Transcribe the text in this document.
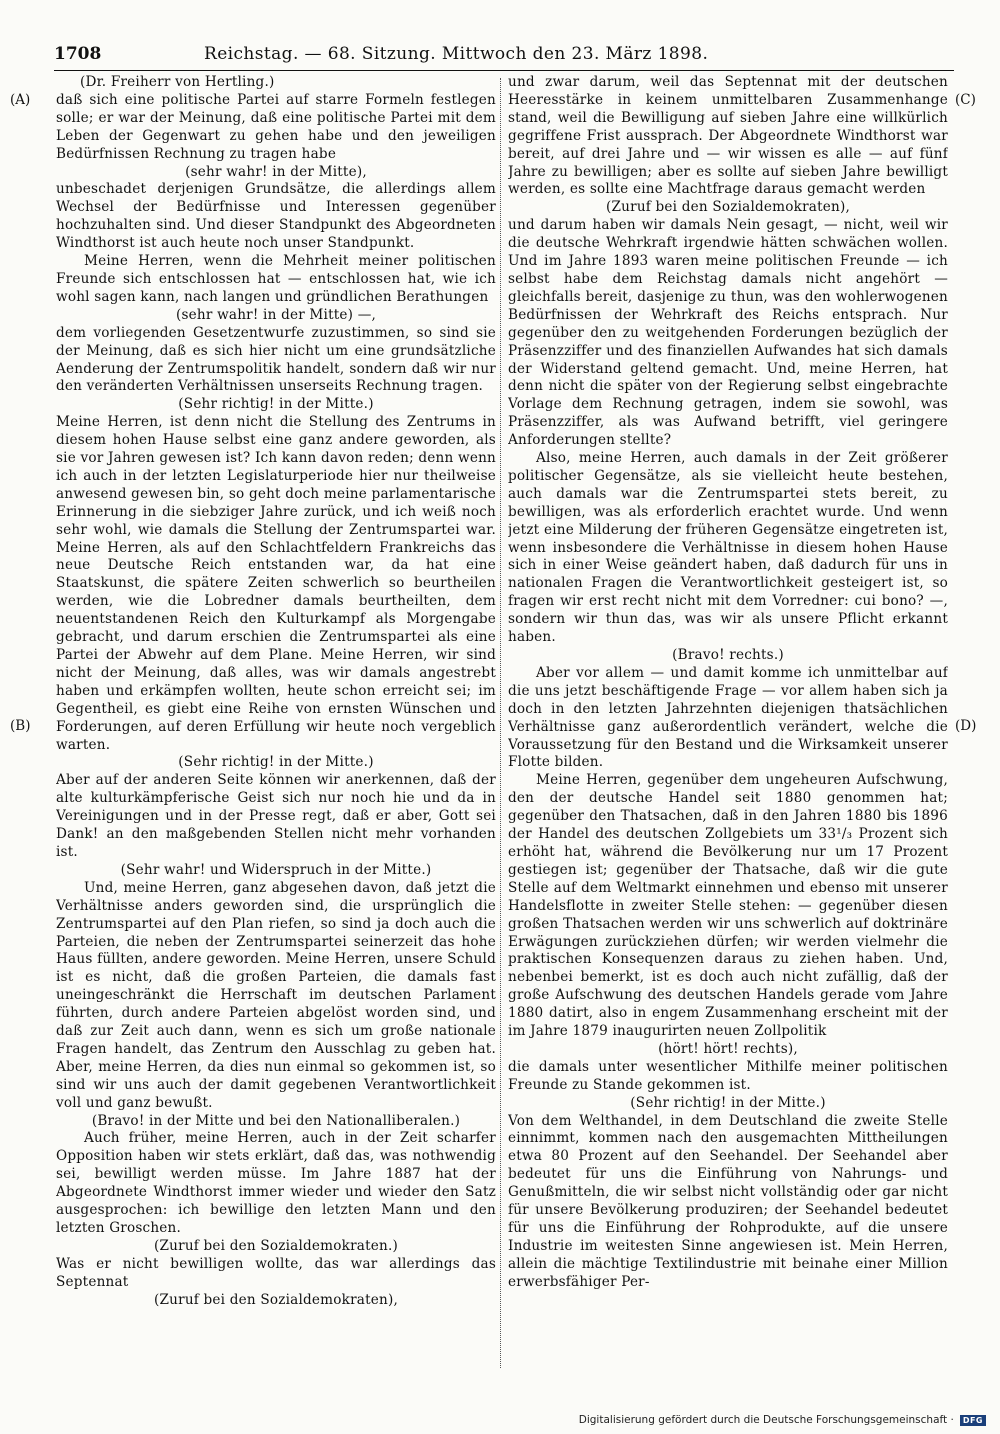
1708	Reichstag. — 68. Sitzung. Mittwoch den 23. März 1898.
(A)
(B)
(C)
(D)

(Dr. Freiherr von Hertling.)

daß sich eine politische Partei auf starre Formeln festlegen solle; er war der Meinung, daß eine politische Partei mit dem Leben der Gegenwart zu gehen habe und den jeweiligen Bedürfnissen Rechnung zu tragen habe

(sehr wahr! in der Mitte),

unbeschadet derjenigen Grundsätze, die allerdings allem Wechsel der Bedürfnisse und Interessen gegenüber hochzuhalten sind. Und dieser Standpunkt des Abgeordneten Windthorst ist auch heute noch unser Standpunkt.

Meine Herren, wenn die Mehrheit meiner politischen Freunde sich entschlossen hat — entschlossen hat, wie ich wohl sagen kann, nach langen und gründlichen Berathungen

(sehr wahr! in der Mitte) —,

dem vorliegenden Gesetzentwurfe zuzustimmen, so sind sie der Meinung, daß es sich hier nicht um eine grundsätzliche Aenderung der Zentrumspolitik handelt, sondern daß wir nur den veränderten Verhältnissen unserseits Rechnung tragen.

(Sehr richtig! in der Mitte.)

Meine Herren, ist denn nicht die Stellung des Zentrums in diesem hohen Hause selbst eine ganz andere geworden, als sie vor Jahren gewesen ist? Ich kann davon reden; denn wenn ich auch in der letzten Legislaturperiode hier nur theilweise anwesend gewesen bin, so geht doch meine parlamentarische Erinnerung in die siebziger Jahre zurück, und ich weiß noch sehr wohl, wie damals die Stellung der Zentrumspartei war. Meine Herren, als auf den Schlachtfeldern Frankreichs das neue Deutsche Reich entstanden war, da hat eine Staatskunst, die spätere Zeiten schwerlich so beurtheilen werden, wie die Lobredner damals beurtheilten, dem neuentstandenen Reich den Kulturkampf als Morgengabe gebracht, und darum erschien die Zentrumspartei als eine Partei der Abwehr auf dem Plane. Meine Herren, wir sind nicht der Meinung, daß alles, was wir damals angestrebt haben und erkämpfen wollten, heute schon erreicht sei; im Gegentheil, es giebt eine Reihe von ernsten Wünschen und Forderungen, auf deren Erfüllung wir heute noch vergeblich warten.

(Sehr richtig! in der Mitte.)

Aber auf der anderen Seite können wir anerkennen, daß der alte kulturkämpferische Geist sich nur noch hie und da in Vereinigungen und in der Presse regt, daß er aber, Gott sei Dank! an den maßgebenden Stellen nicht mehr vorhanden ist.

(Sehr wahr! und Widerspruch in der Mitte.)

Und, meine Herren, ganz abgesehen davon, daß jetzt die Verhältnisse anders geworden sind, die ursprünglich die Zentrumspartei auf den Plan riefen, so sind ja doch auch die Parteien, die neben der Zentrumspartei seinerzeit das hohe Haus füllten, andere geworden. Meine Herren, unsere Schuld ist es nicht, daß die großen Parteien, die damals fast uneingeschränkt die Herrschaft im deutschen Parlament führten, durch andere Parteien abgelöst worden sind, und daß zur Zeit auch dann, wenn es sich um große nationale Fragen handelt, das Zentrum den Ausschlag zu geben hat. Aber, meine Herren, da dies nun einmal so gekommen ist, so sind wir uns auch der damit gegebenen Verantwortlichkeit voll und ganz bewußt.

(Bravo! in der Mitte und bei den Nationalliberalen.)

Auch früher, meine Herren, auch in der Zeit scharfer Opposition haben wir stets erklärt, daß das, was nothwendig sei, bewilligt werden müsse. Im Jahre 1887 hat der Abgeordnete Windthorst immer wieder und wieder den Satz ausgesprochen: ich bewillige den letzten Mann und den letzten Groschen.

(Zuruf bei den Sozialdemokraten.)

Was er nicht bewilligen wollte, das war allerdings das Septennat

(Zuruf bei den Sozialdemokraten),

und zwar darum, weil das Septennat mit der deutschen Heeresstärke in keinem unmittelbaren Zusammenhange stand, weil die Bewilligung auf sieben Jahre eine willkürlich gegriffene Frist aussprach. Der Abgeordnete Windthorst war bereit, auf drei Jahre und — wir wissen es alle — auf fünf Jahre zu bewilligen; aber es sollte auf sieben Jahre bewilligt werden, es sollte eine Machtfrage daraus gemacht werden

(Zuruf bei den Sozialdemokraten),

und darum haben wir damals Nein gesagt, — nicht, weil wir die deutsche Wehrkraft irgendwie hätten schwächen wollen. Und im Jahre 1893 waren meine politischen Freunde — ich selbst habe dem Reichstag damals nicht angehört — gleichfalls bereit, dasjenige zu thun, was den wohlerwogenen Bedürfnissen der Wehrkraft des Reichs entsprach. Nur gegenüber den zu weitgehenden Forderungen bezüglich der Präsenzziffer und des finanziellen Aufwandes hat sich damals der Widerstand geltend gemacht. Und, meine Herren, hat denn nicht die später von der Regierung selbst eingebrachte Vorlage dem Rechnung getragen, indem sie sowohl, was Präsenzziffer, als was Aufwand betrifft, viel geringere Anforderungen stellte?

Also, meine Herren, auch damals in der Zeit größerer politischer Gegensätze, als sie vielleicht heute bestehen, auch damals war die Zentrumspartei stets bereit, zu bewilligen, was als erforderlich erachtet wurde. Und wenn jetzt eine Milderung der früheren Gegensätze eingetreten ist, wenn insbesondere die Verhältnisse in diesem hohen Hause sich in einer Weise geändert haben, daß dadurch für uns in nationalen Fragen die Verantwortlichkeit gesteigert ist, so fragen wir erst recht nicht mit dem Vorredner: cui bono? —, sondern wir thun das, was wir als unsere Pflicht erkannt haben.

(Bravo! rechts.)

Aber vor allem — und damit komme ich unmittelbar auf die uns jetzt beschäftigende Frage — vor allem haben sich ja doch in den letzten Jahrzehnten diejenigen thatsächlichen Verhältnisse ganz außerordentlich verändert, welche die Voraussetzung für den Bestand und die Wirksamkeit unserer Flotte bilden.

Meine Herren, gegenüber dem ungeheuren Aufschwung, den der deutsche Handel seit 1880 genommen hat; gegenüber den Thatsachen, daß in den Jahren 1880 bis 1896 der Handel des deutschen Zollgebiets um 33¹/₃ Prozent sich erhöht hat, während die Bevölkerung nur um 17 Prozent gestiegen ist; gegenüber der Thatsache, daß wir die gute Stelle auf dem Weltmarkt einnehmen und ebenso mit unserer Handelsflotte in zweiter Stelle stehen: — gegenüber diesen großen Thatsachen werden wir uns schwerlich auf doktrinäre Erwägungen zurückziehen dürfen; wir werden vielmehr die praktischen Konsequenzen daraus zu ziehen haben. Und, nebenbei bemerkt, ist es doch auch nicht zufällig, daß der große Aufschwung des deutschen Handels gerade vom Jahre 1880 datirt, also in engem Zusammenhang erscheint mit der im Jahre 1879 inaugurirten neuen Zollpolitik

(hört! hört! rechts),

die damals unter wesentlicher Mithilfe meiner politischen Freunde zu Stande gekommen ist.

(Sehr richtig! in der Mitte.)

Von dem Welthandel, in dem Deutschland die zweite Stelle einnimmt, kommen nach den ausgemachten Mittheilungen etwa 80 Prozent auf den Seehandel. Der Seehandel aber bedeutet für uns die Einführung von Nahrungs- und Genußmitteln, die wir selbst nicht vollständig oder gar nicht für unsere Bevölkerung produziren; der Seehandel bedeutet für uns die Einführung der Rohprodukte, auf die unsere Industrie im weitesten Sinne angewiesen ist. Mein Herren, allein die mächtige Textilindustrie mit beinahe einer Million erwerbsfähiger Per-

Digitalisierung gefördert durch die Deutsche Forschungsgemeinschaft ·	DFG
